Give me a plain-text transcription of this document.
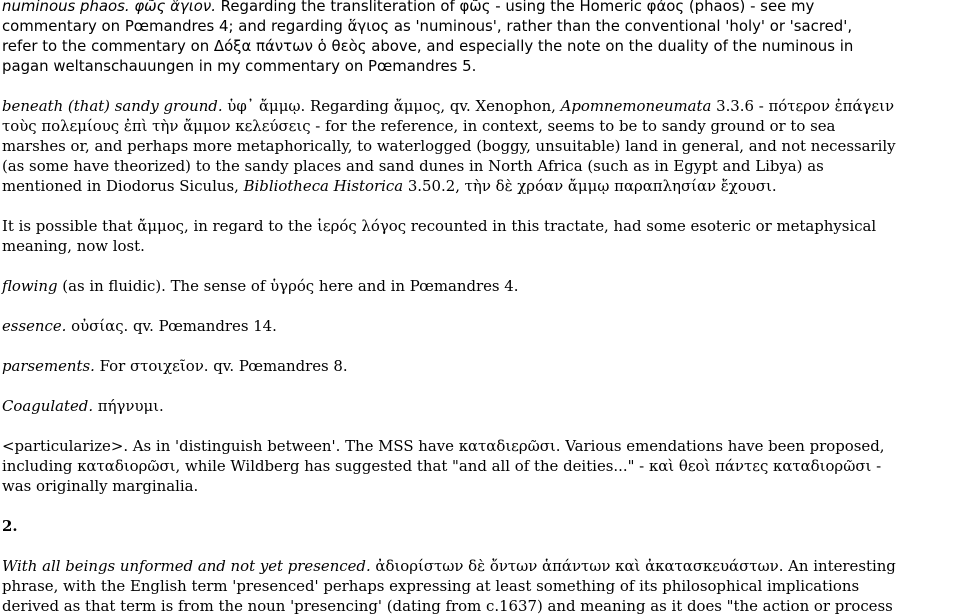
numinous phaos. φῶς ἅγιον. Regarding the transliteration of φῶς - using the Homeric φάος (phaos) - see my

commentary on Pœmandres 4; and regarding ἅγιος as 'numinous', rather than the conventional 'holy' or 'sacred',

refer to the commentary on Δόξα πάντων ὁ θεὸς above, and especially the note on the duality of the numinous in

pagan weltanschauungen in my commentary on Pœmandres 5.

beneath (that) sandy ground. ὑφ᾽ ἄμμῳ. Regarding ἄμμος, qv. Xenophon, Apomnemoneumata 3.3.6 - πότερον ἐπάγειν

τοὺς πολεμίους ἐπὶ τὴν ἄμμον κελεύσεις - for the reference, in context, seems to be to sandy ground or to sea

marshes or, and perhaps more metaphorically, to waterlogged (boggy, unsuitable) land in general, and not necessarily

(as some have theorized) to the sandy places and sand dunes in North Africa (such as in Egypt and Libya) as

mentioned in Diodorus Siculus, Bibliotheca Historica 3.50.2, τὴν δὲ χρόαν ἄμμῳ παραπλησίαν ἔχουσι.

It is possible that ἄμμος, in regard to the ἱερός λόγος recounted in this tractate, had some esoteric or metaphysical

meaning, now lost.

flowing (as in fluidic). The sense of ὑγρός here and in Pœmandres 4.

essence. οὐσίας. qv. Pœmandres 14.

parsements. For στοιχεῖον. qv. Pœmandres 8.

Coagulated. πήγνυμι.

<particularize>. As in 'distinguish between'. The MSS have καταδιερῶσι. Various emendations have been proposed,

including καταδιορῶσι, while Wildberg has suggested that "and all of the deities..." - καὶ θεοὶ πάντες καταδιορῶσι -

was originally marginalia.

2.

With all beings unformed and not yet presenced. ἀδιορίστων δὲ ὄντων ἁπάντων καὶ ἀκατασκευάστων. An interesting

phrase, with the English term 'presenced' perhaps expressing at least something of its philosophical implications

derived as that term is from the noun 'presencing' (dating from c.1637) and meaning as it does "the action or process
